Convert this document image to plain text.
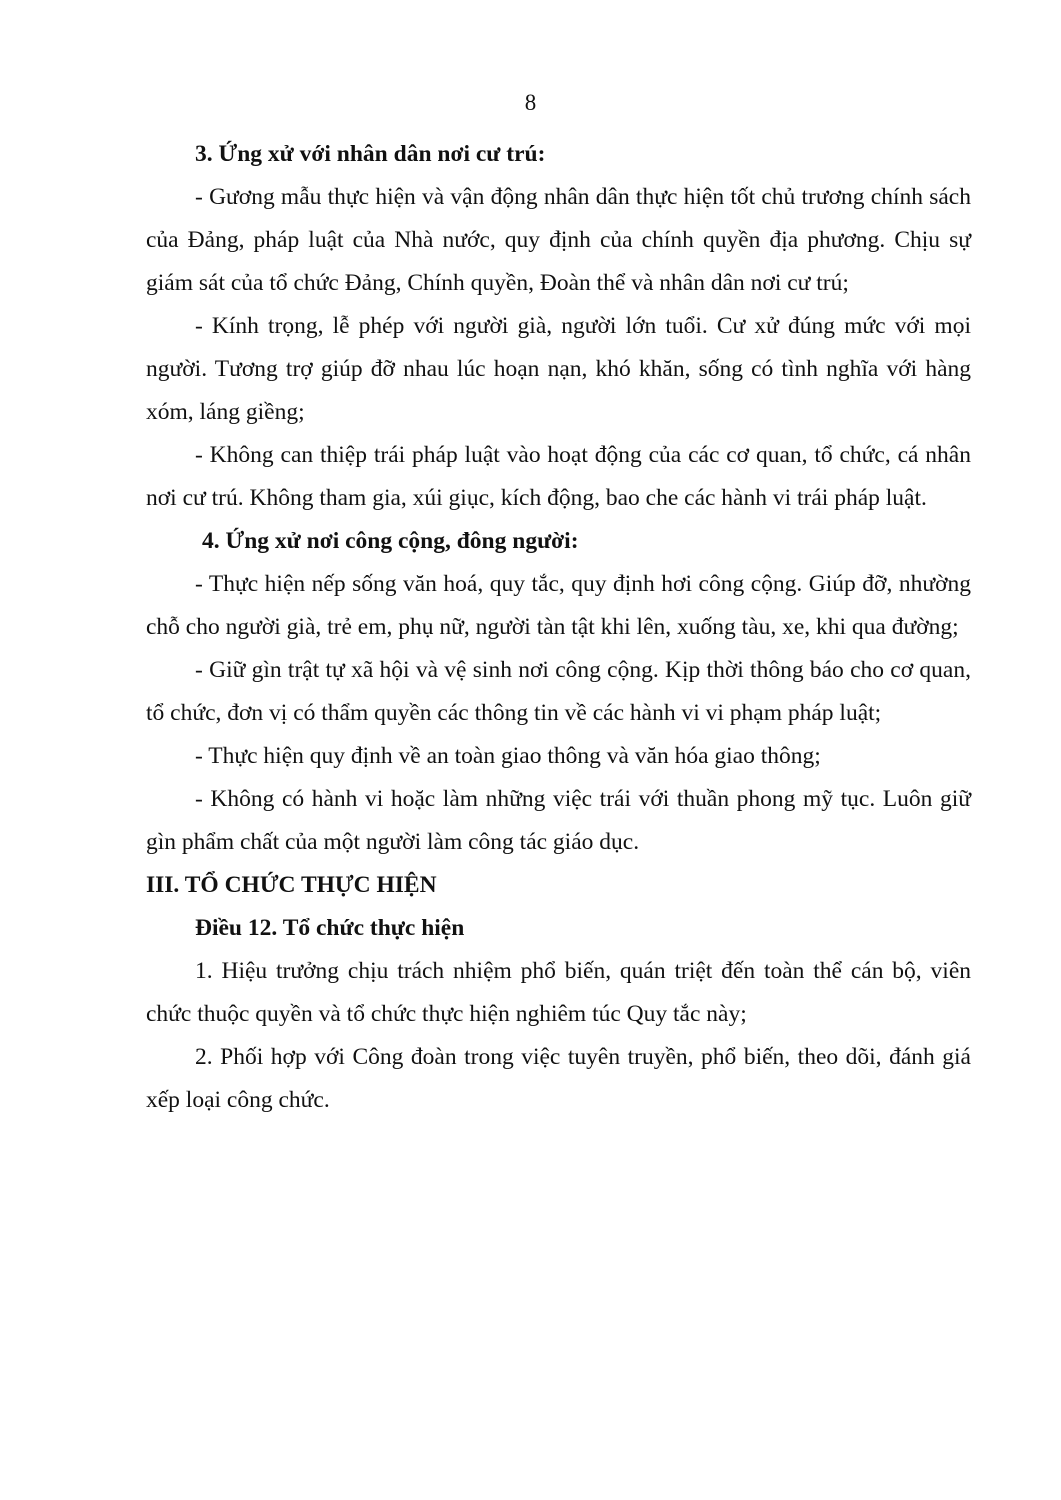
8
3. Ứng xử với nhân dân nơi cư trú:

- Gương mẫu thực hiện và vận động nhân dân thực hiện tốt chủ trương chính sách của Đảng, pháp luật của Nhà nước, quy định của chính quyền địa phương. Chịu sự giám sát của tổ chức Đảng, Chính quyền, Đoàn thể và nhân dân nơi cư trú;

- Kính trọng, lễ phép với người già, người lớn tuổi. Cư xử đúng mức với mọi người. Tương trợ giúp đỡ nhau lúc hoạn nạn, khó khăn, sống có tình nghĩa với hàng xóm, láng giềng;

- Không can thiệp trái pháp luật vào hoạt động của các cơ quan, tổ chức, cá nhân nơi cư trú. Không tham gia, xúi giục, kích động, bao che các hành vi trái pháp luật.

4. Ứng xử nơi công cộng, đông người:

- Thực hiện nếp sống văn hoá, quy tắc, quy định hơi công cộng. Giúp đỡ, nhường chỗ cho người già, trẻ em, phụ nữ, người tàn tật khi lên, xuống tàu, xe, khi qua đường;

- Giữ gìn trật tự xã hội và vệ sinh nơi công cộng. Kịp thời thông báo cho cơ quan, tổ chức, đơn vị có thẩm quyền các thông tin về các hành vi vi phạm pháp luật;

- Thực hiện quy định về an toàn giao thông và văn hóa giao thông;

- Không có hành vi hoặc làm những việc trái với thuần phong mỹ tục. Luôn giữ gìn phẩm chất của một người làm công tác giáo dục.

III. TỔ CHỨC THỰC HIỆN
Điều 12. Tổ chức thực hiện

1. Hiệu trưởng chịu trách nhiệm phổ biến, quán triệt đến toàn thể cán bộ, viên chức thuộc quyền và tổ chức thực hiện nghiêm túc Quy tắc này;

2. Phối hợp với Công đoàn trong việc tuyên truyền, phổ biến, theo dõi, đánh giá xếp loại công chức.
